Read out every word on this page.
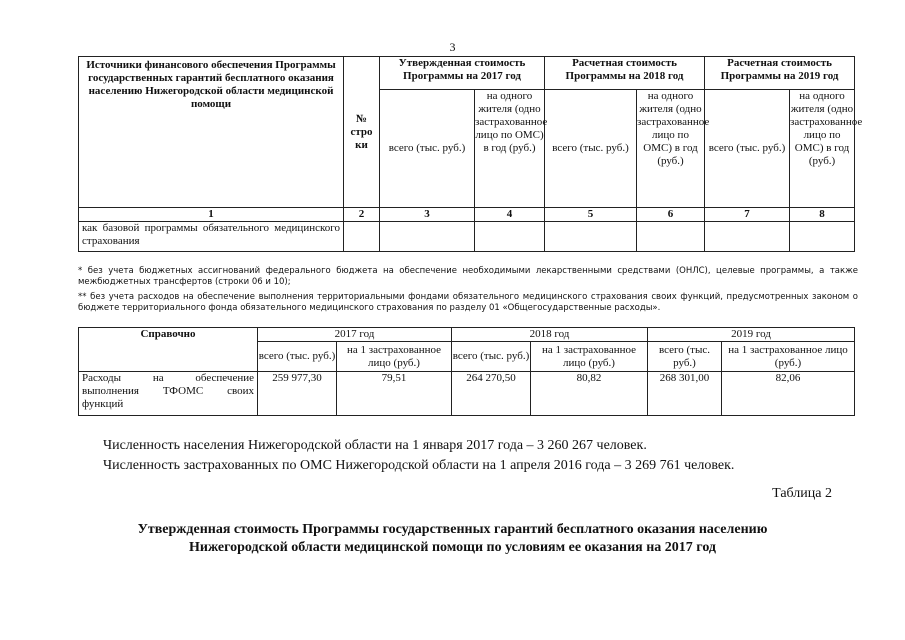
3
Источники финансового обеспечения Программы государственных гарантий бесплатного оказания населению Нижегородской области медицинской помощи	№ стро ки	Утвержденная стоимость Программы на 2017 год		Расчетная стоимость Программы на 2018 год		Расчетная стоимость Программы на 2019 год	
		всего (тыс. руб.)	на одного жителя (одно застрахованное лицо по ОМС) в год (руб.)	всего (тыс. руб.)	на одного жителя (одно застрахованное лицо по ОМС) в год (руб.)	всего (тыс. руб.)	на одного жителя (одно застрахованное лицо по ОМС) в год (руб.)
1	2	3	4	5	6	7	8
как базовой программы обязательного медицинского страхования							
* без учета бюджетных ассигнований федерального бюджета на обеспечение необходимыми лекарственными средствами (ОНЛС), целевые программы, а также межбюджетных трансфертов (строки 06 и 10);
** без учета расходов на обеспечение выполнения территориальными фондами обязательного медицинского страхования своих функций, предусмотренных законом о бюджете территориального фонда обязательного медицинского страхования по разделу 01 «Общегосударственные расходы».
Справочно	2017 год		2018 год		2019 год	
	всего (тыс. руб.)	на 1 застрахованное лицо (руб.)	всего (тыс. руб.)	на 1 застрахованное лицо (руб.)	всего (тыс. руб.)	на 1 застрахованное лицо (руб.)
Расходы на обеспечение выполнения ТФОМС своих функций	259 977,30	79,51	264 270,50	80,82	268 301,00	82,06
Численность населения Нижегородской области на 1 января 2017 года – 3 260 267 человек.
Численность застрахованных по ОМС Нижегородской области на 1 апреля 2016 года – 3 269 761 человек.
Таблица 2
Утвержденная стоимость Программы государственных гарантий бесплатного оказания населению
Нижегородской области медицинской помощи по условиям ее оказания на 2017 год
